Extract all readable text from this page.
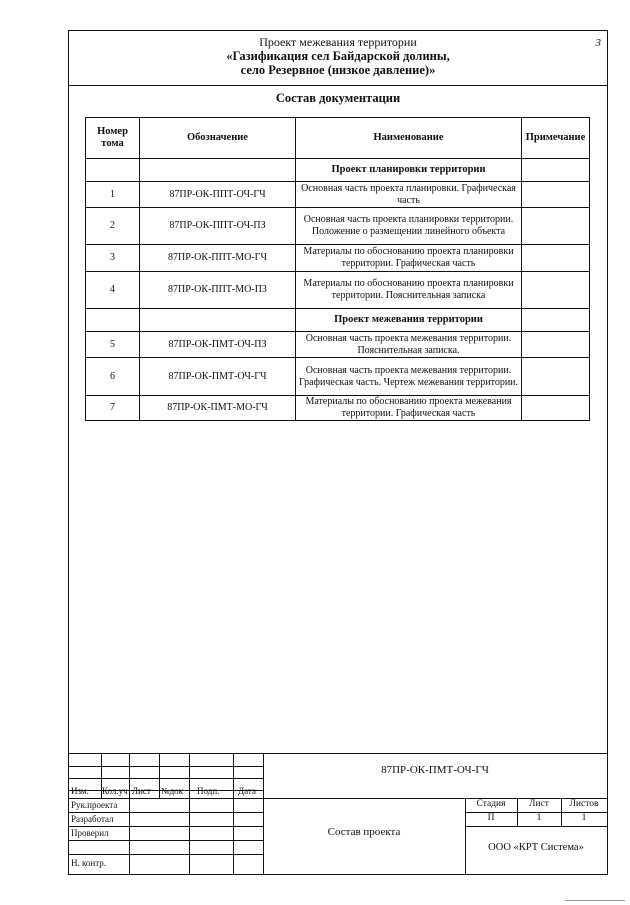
Проект межевания территории
«Газификация сел Байдарской долины,
село Резервное (низкое давление)»
3
Состав документации
Номер тома	Обозначение	Наименование	Примечание
		Проект планировки территории	
1	87ПР-ОК-ППТ-ОЧ-ГЧ	Основная часть проекта планировки. Графическая часть	
2	87ПР-ОК-ППТ-ОЧ-ПЗ	Основная часть проекта планировки территории. Положение о размещении линейного объекта	
3	87ПР-ОК-ППТ-МО-ГЧ	Материалы по обоснованию проекта планировки территории. Графическая часть	
4	87ПР-ОК-ППТ-МО-ПЗ	Материалы по обоснованию проекта планировки территории. Пояснительная записка	
		Проект межевания территории	
5	87ПР-ОК-ПМТ-ОЧ-ПЗ	Основная часть проекта межевания территории. Пояснительная записка.	
6	87ПР-ОК-ПМТ-ОЧ-ГЧ	Основная часть проекта межевания территории. Графическая часть. Чертеж межевания территории.	
7	87ПР-ОК-ПМТ-МО-ГЧ	Материалы по обоснованию проекта межевания территории. Графическая часть	
Изм. Кол.уч Лист №док Подп. Дата
Рук.проекта
Разработал
Проверил
Н. контр.
87ПР-ОК-ПМТ-ОЧ-ГЧ
Состав проекта
Стадия	Лист	Листов
П	1	1
ООО «КРТ Система»
